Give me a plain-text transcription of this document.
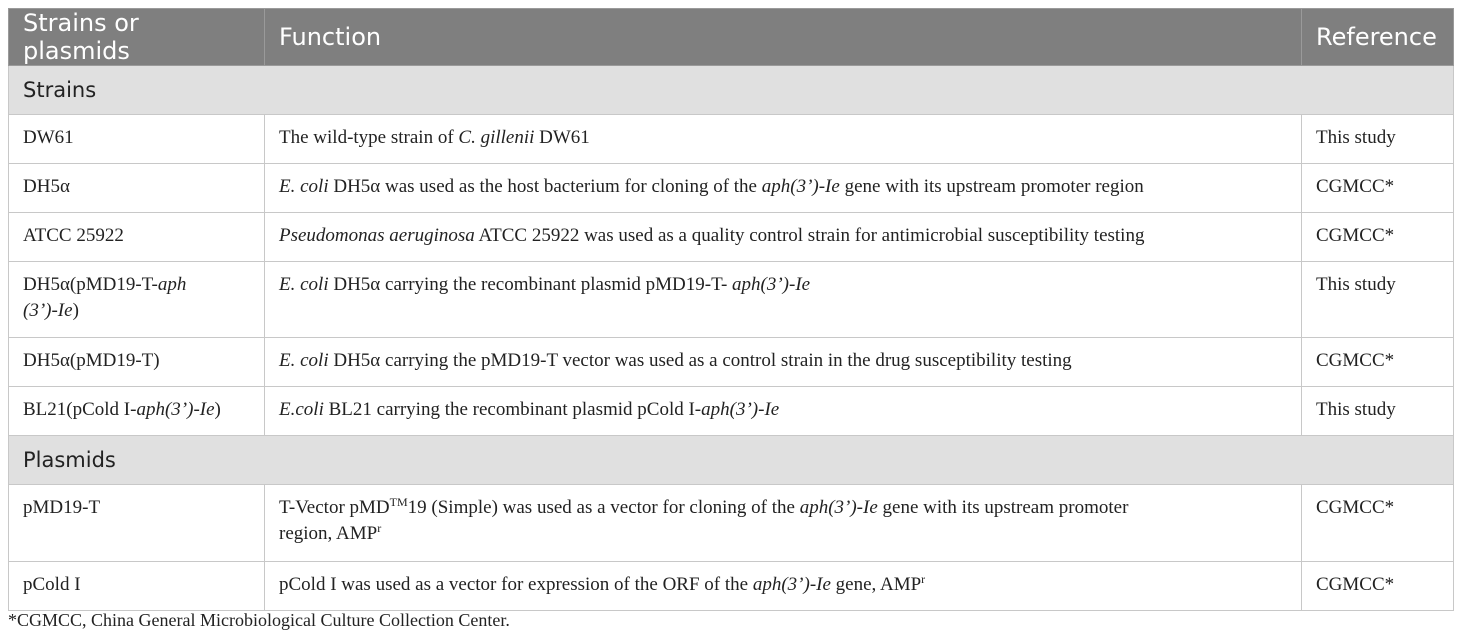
Strains or plasmids	Function	Reference
Strains		
DW61	The wild-type strain of C. gillenii DW61	This study
DH5α	E. coli DH5α was used as the host bacterium for cloning of the aph(3’)-Ie gene with its upstream promoter region	CGMCC*
ATCC 25922	Pseudomonas aeruginosa ATCC 25922 was used as a quality control strain for antimicrobial susceptibility testing	CGMCC*
DH5α(pMD19-T-aph
(3’)-Ie)	E. coli DH5α carrying the recombinant plasmid pMD19-T- aph(3’)-Ie	This study
DH5α(pMD19-T)	E. coli DH5α carrying the pMD19-T vector was used as a control strain in the drug susceptibility testing	CGMCC*
BL21(pCold I-aph(3’)-Ie)	E.coli BL21 carrying the recombinant plasmid pCold I-aph(3’)-Ie	This study
Plasmids		
pMD19-T	T-Vector pMD™19 (Simple) was used as a vector for cloning of the aph(3’)-Ie gene with its upstream promoter
region, AMP$^r$	CGMCC*
pCold I	pCold I was used as a vector for expression of the ORF of the aph(3’)-Ie gene, AMP$^r$	CGMCC*
*CGMCC, China General Microbiological Culture Collection Center.
